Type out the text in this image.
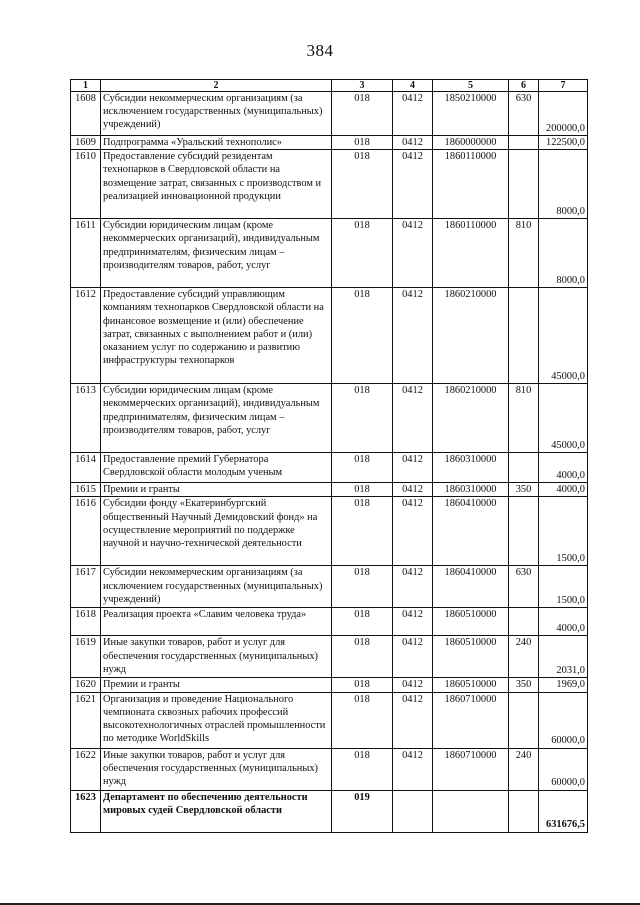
384
1	2	3	4	5	6	7
1608	Субсидии некоммерческим организациям (за исключением государственных (муниципальных) учреждений)	018	0412	1850210000	630	200000,0
1609	Подпрограмма «Уральский технополис»	018	0412	1860000000		122500,0
1610	Предоставление субсидий резидентам технопарков в Свердловской области на возмещение затрат, связанных с производством и реализацией инновационной продукции	018	0412	1860110000		8000,0
1611	Субсидии юридическим лицам (кроме некоммерческих организаций), индивидуальным предпринимателям, физическим лицам – производителям товаров, работ, услуг	018	0412	1860110000	810	8000,0
1612	Предоставление субсидий управляющим компаниям технопарков Свердловской области на финансовое возмещение и (или) обеспечение затрат, связанных с выполнением работ и (или) оказанием услуг по содержанию и развитию инфраструктуры технопарков	018	0412	1860210000		45000,0
1613	Субсидии юридическим лицам (кроме некоммерческих организаций), индивидуальным предпринимателям, физическим лицам – производителям товаров, работ, услуг	018	0412	1860210000	810	45000,0
1614	Предоставление премий Губернатора Свердловской области молодым ученым	018	0412	1860310000		4000,0
1615	Премии и гранты	018	0412	1860310000	350	4000,0
1616	Субсидии фонду «Екатеринбургский общественный Научный Демидовский фонд» на осуществление мероприятий по поддержке научной и научно-технической деятельности	018	0412	1860410000		1500,0
1617	Субсидии некоммерческим организациям (за исключением государственных (муниципальных) учреждений)	018	0412	1860410000	630	1500,0
1618	Реализация проекта «Славим человека труда»	018	0412	1860510000		4000,0
1619	Иные закупки товаров, работ и услуг для обеспечения государственных (муниципальных) нужд	018	0412	1860510000	240	2031,0
1620	Премии и гранты	018	0412	1860510000	350	1969,0
1621	Организация и проведение Национального чемпионата сквозных рабочих профессий высокотехнологичных отраслей промышленности по методике WorldSkills	018	0412	1860710000		60000,0
1622	Иные закупки товаров, работ и услуг для обеспечения государственных (муниципальных) нужд	018	0412	1860710000	240	60000,0
1623	Департамент по обеспечению деятельности мировых судей Свердловской области	019				631676,5
